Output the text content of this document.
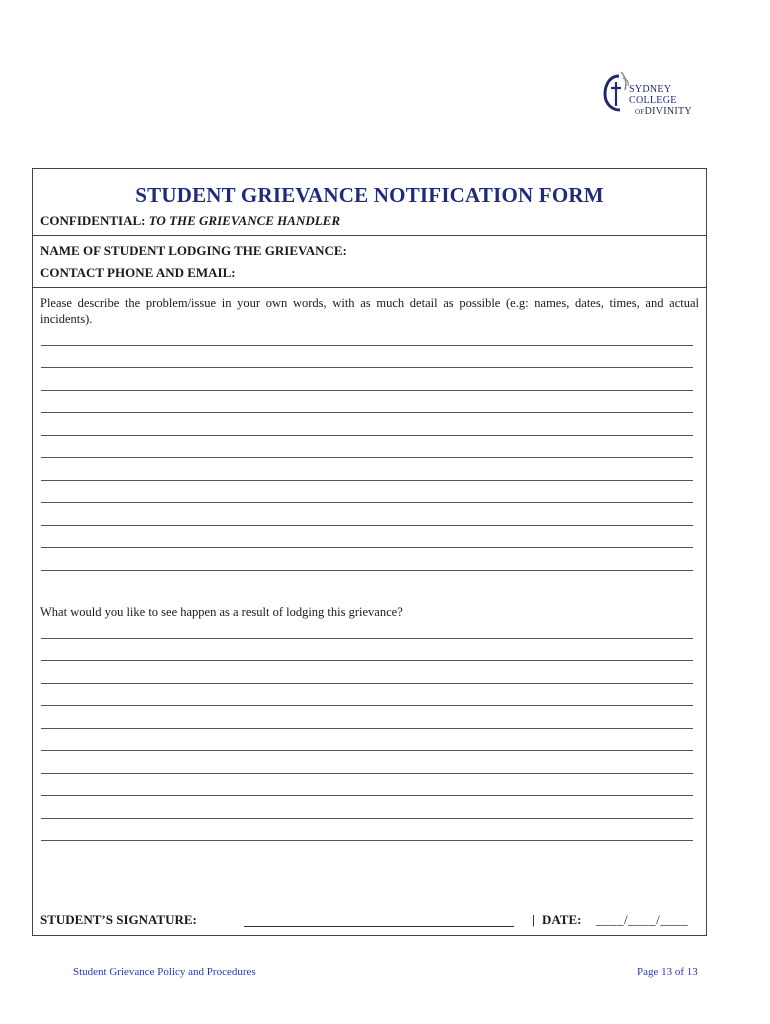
SYDNEY
COLLEGE
OFDIVINITY
STUDENT GRIEVANCE NOTIFICATION FORM
CONFIDENTIAL: TO THE GRIEVANCE HANDLER
NAME OF STUDENT LODGING THE GRIEVANCE:
CONTACT PHONE AND EMAIL:
Please describe the problem/issue in your own words, with as much detail as possible (e.g: names, dates, times, and actual incidents).
What would you like to see happen as a result of lodging this grievance?
STUDENT’S SIGNATURE:	| DATE: ____/____/____
Student Grievance Policy and Procedures	Page 13 of 13
